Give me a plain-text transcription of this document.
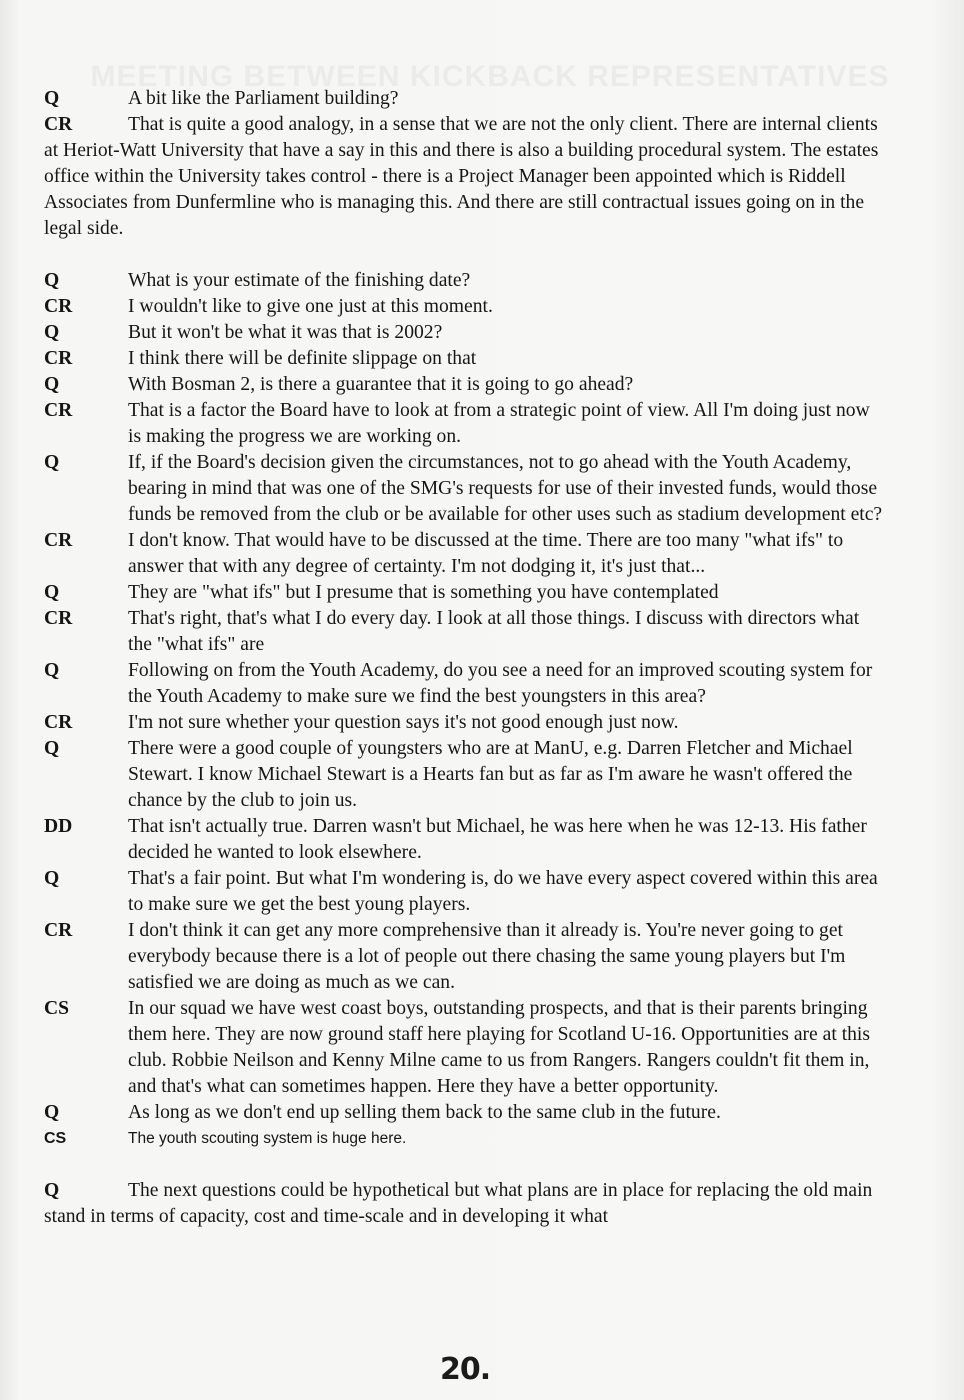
MEETING BETWEEN KICKBACK REPRESENTATIVES
Q	A bit like the Parliament building?
CR	That is quite a good analogy, in a sense that we are not the only client. There are internal clients at Heriot-Watt University that have a say in this and there is also a building procedural system. The estates office within the University takes control - there is a Project Manager been appointed which is Riddell Associates from Dunfermline who is managing this. And there are still contractual issues going on in the legal side.
Q	What is your estimate of the finishing date?
CR	I wouldn't like to give one just at this moment.
Q	But it won't be what it was that is 2002?
CR	I think there will be definite slippage on that
Q	With Bosman 2, is there a guarantee that it is going to go ahead?
CR	That is a factor the Board have to look at from a strategic point of view. All I'm doing just now is making the progress we are working on.
Q	If, if the Board's decision given the circumstances, not to go ahead with the Youth Academy, bearing in mind that was one of the SMG's requests for use of their invested funds, would those funds be removed from the club or be available for other uses such as stadium development etc?
CR	I don't know. That would have to be discussed at the time. There are too many "what ifs" to answer that with any degree of certainty. I'm not dodging it, it's just that...
Q	They are "what ifs" but I presume that is something you have contemplated
CR	That's right, that's what I do every day. I look at all those things. I discuss with directors what the "what ifs" are
Q	Following on from the Youth Academy, do you see a need for an improved scouting system for the Youth Academy to make sure we find the best youngsters in this area?
CR	I'm not sure whether your question says it's not good enough just now.
Q	There were a good couple of youngsters who are at ManU, e.g. Darren Fletcher and Michael Stewart. I know Michael Stewart is a Hearts fan but as far as I'm aware he wasn't offered the chance by the club to join us.
DD	That isn't actually true. Darren wasn't but Michael, he was here when he was 12-13. His father decided he wanted to look elsewhere.
Q	That's a fair point. But what I'm wondering is, do we have every aspect covered within this area to make sure we get the best young players.
CR	I don't think it can get any more comprehensive than it already is. You're never going to get everybody because there is a lot of people out there chasing the same young players but I'm satisfied we are doing as much as we can.
CS	In our squad we have west coast boys, outstanding prospects, and that is their parents bringing them here. They are now ground staff here playing for Scotland U-16. Opportunities are at this club. Robbie Neilson and Kenny Milne came to us from Rangers. Rangers couldn't fit them in, and that's what can sometimes happen. Here they have a better opportunity.
Q	As long as we don't end up selling them back to the same club in the future.
CS	The youth scouting system is huge here.
Q	The next questions could be hypothetical but what plans are in place for replacing the old main stand in terms of capacity, cost and time-scale and in developing it what
20.
